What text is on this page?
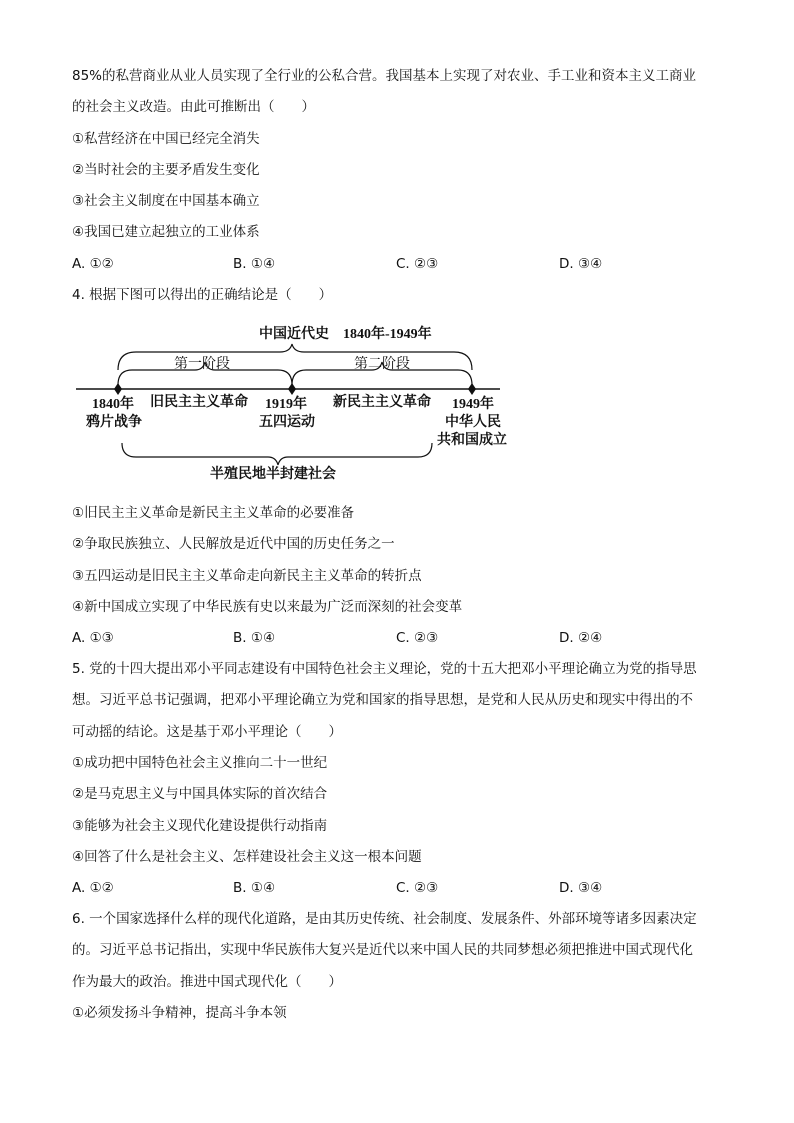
85%的私营商业从业人员实现了全行业的公私合营。我国基本上实现了对农业、手工业和资本主义工商业
的社会主义改造。由此可推断出（　　）
①私营经济在中国已经完全消失
②当时社会的主要矛盾发生变化
③社会主义制度在中国基本确立
④我国已建立起独立的工业体系
A. ①②	B. ①④	C. ②③	D. ③④
4. 根据下图可以得出的正确结论是（　　）
中国近代史　1840年-1949年
第一阶段	第二阶段
1840年
鸦片战争
旧民主主义革命 1919年
五四运动
新民主主义革命 1949年
中华人民
共和国成立
半殖民地半封建社会
①旧民主主义革命是新民主主义革命的必要准备
②争取民族独立、人民解放是近代中国的历史任务之一
③五四运动是旧民主主义革命走向新民主主义革命的转折点
④新中国成立实现了中华民族有史以来最为广泛而深刻的社会变革
A. ①③	B. ①④	C. ②③	D. ②④
5. 党的十四大提出邓小平同志建设有中国特色社会主义理论，党的十五大把邓小平理论确立为党的指导思
想。习近平总书记强调，把邓小平理论确立为党和国家的指导思想，是党和人民从历史和现实中得出的不
可动摇的结论。这是基于邓小平理论（　　）
①成功把中国特色社会主义推向二十一世纪
②是马克思主义与中国具体实际的首次结合
③能够为社会主义现代化建设提供行动指南
④回答了什么是社会主义、怎样建设社会主义这一根本问题
A. ①②	B. ①④	C. ②③	D. ③④
6. 一个国家选择什么样的现代化道路，是由其历史传统、社会制度、发展条件、外部环境等诸多因素决定
的。习近平总书记指出，实现中华民族伟大复兴是近代以来中国人民的共同梦想必须把推进中国式现代化
作为最大的政治。推进中国式现代化（　　）
①必须发扬斗争精神，提高斗争本领
